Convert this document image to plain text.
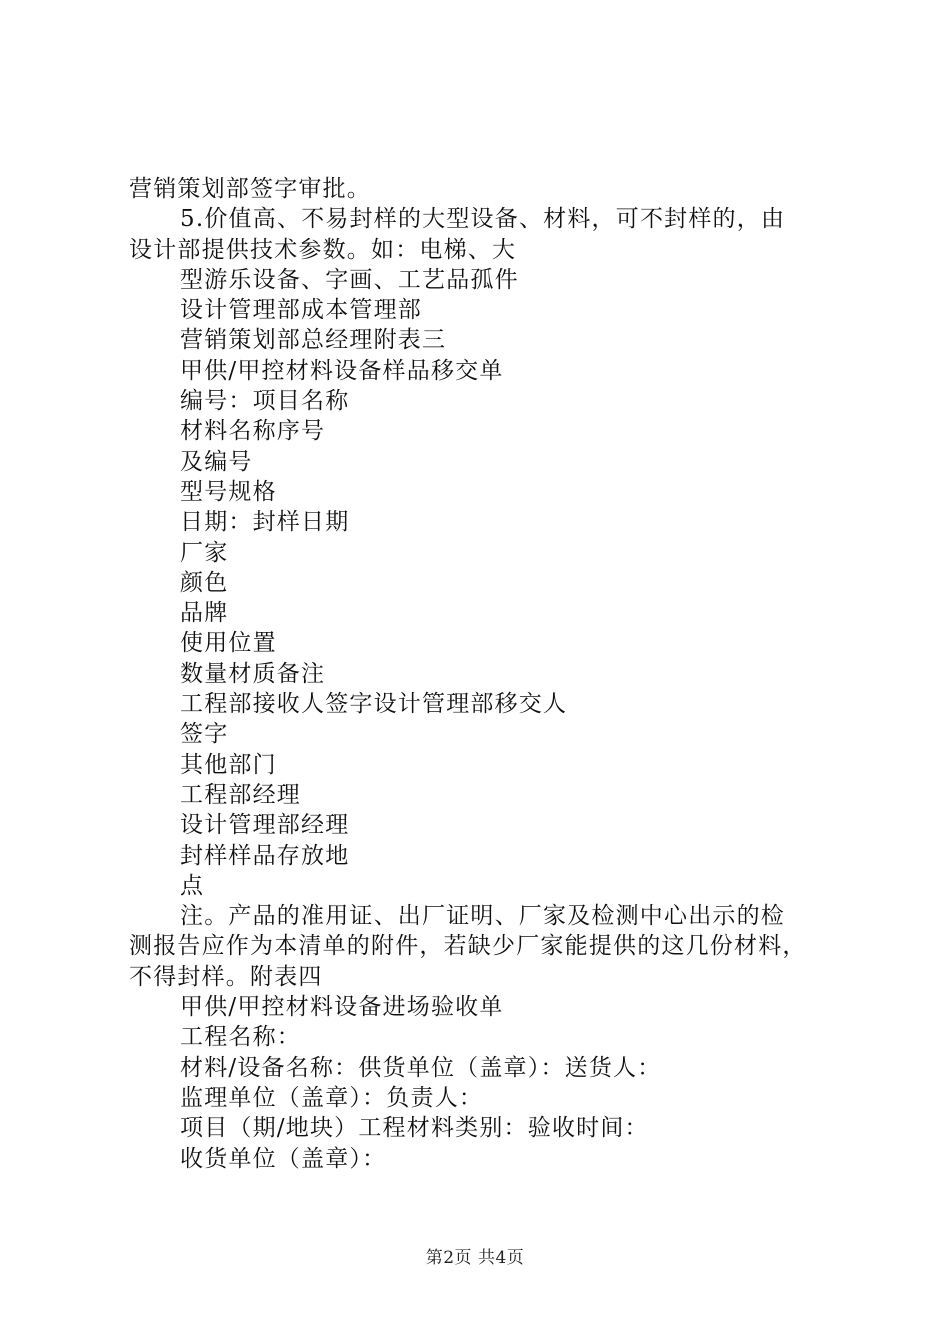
营销策划部签字审批。
5.价值高、不易封样的大型设备、材料，可不封样的，由
设计部提供技术参数。如：电梯、大
型游乐设备、字画、工艺品孤件
设计管理部成本管理部
营销策划部总经理附表三
甲供/甲控材料设备样品移交单
编号：项目名称
材料名称序号
及编号
型号规格
日期：封样日期
厂家
颜色
品牌
使用位置
数量材质备注
工程部接收人签字设计管理部移交人
签字
其他部门
工程部经理
设计管理部经理
封样样品存放地
点
注。产品的准用证、出厂证明、厂家及检测中心出示的检
测报告应作为本清单的附件，若缺少厂家能提供的这几份材料，
不得封样。附表四
甲供/甲控材料设备进场验收单
工程名称：
材料/设备名称：供货单位（盖章）：送货人：
监理单位（盖章）：负责人：
项目（期/地块）工程材料类别：验收时间：
收货单位（盖章）：
第2页 共4页
